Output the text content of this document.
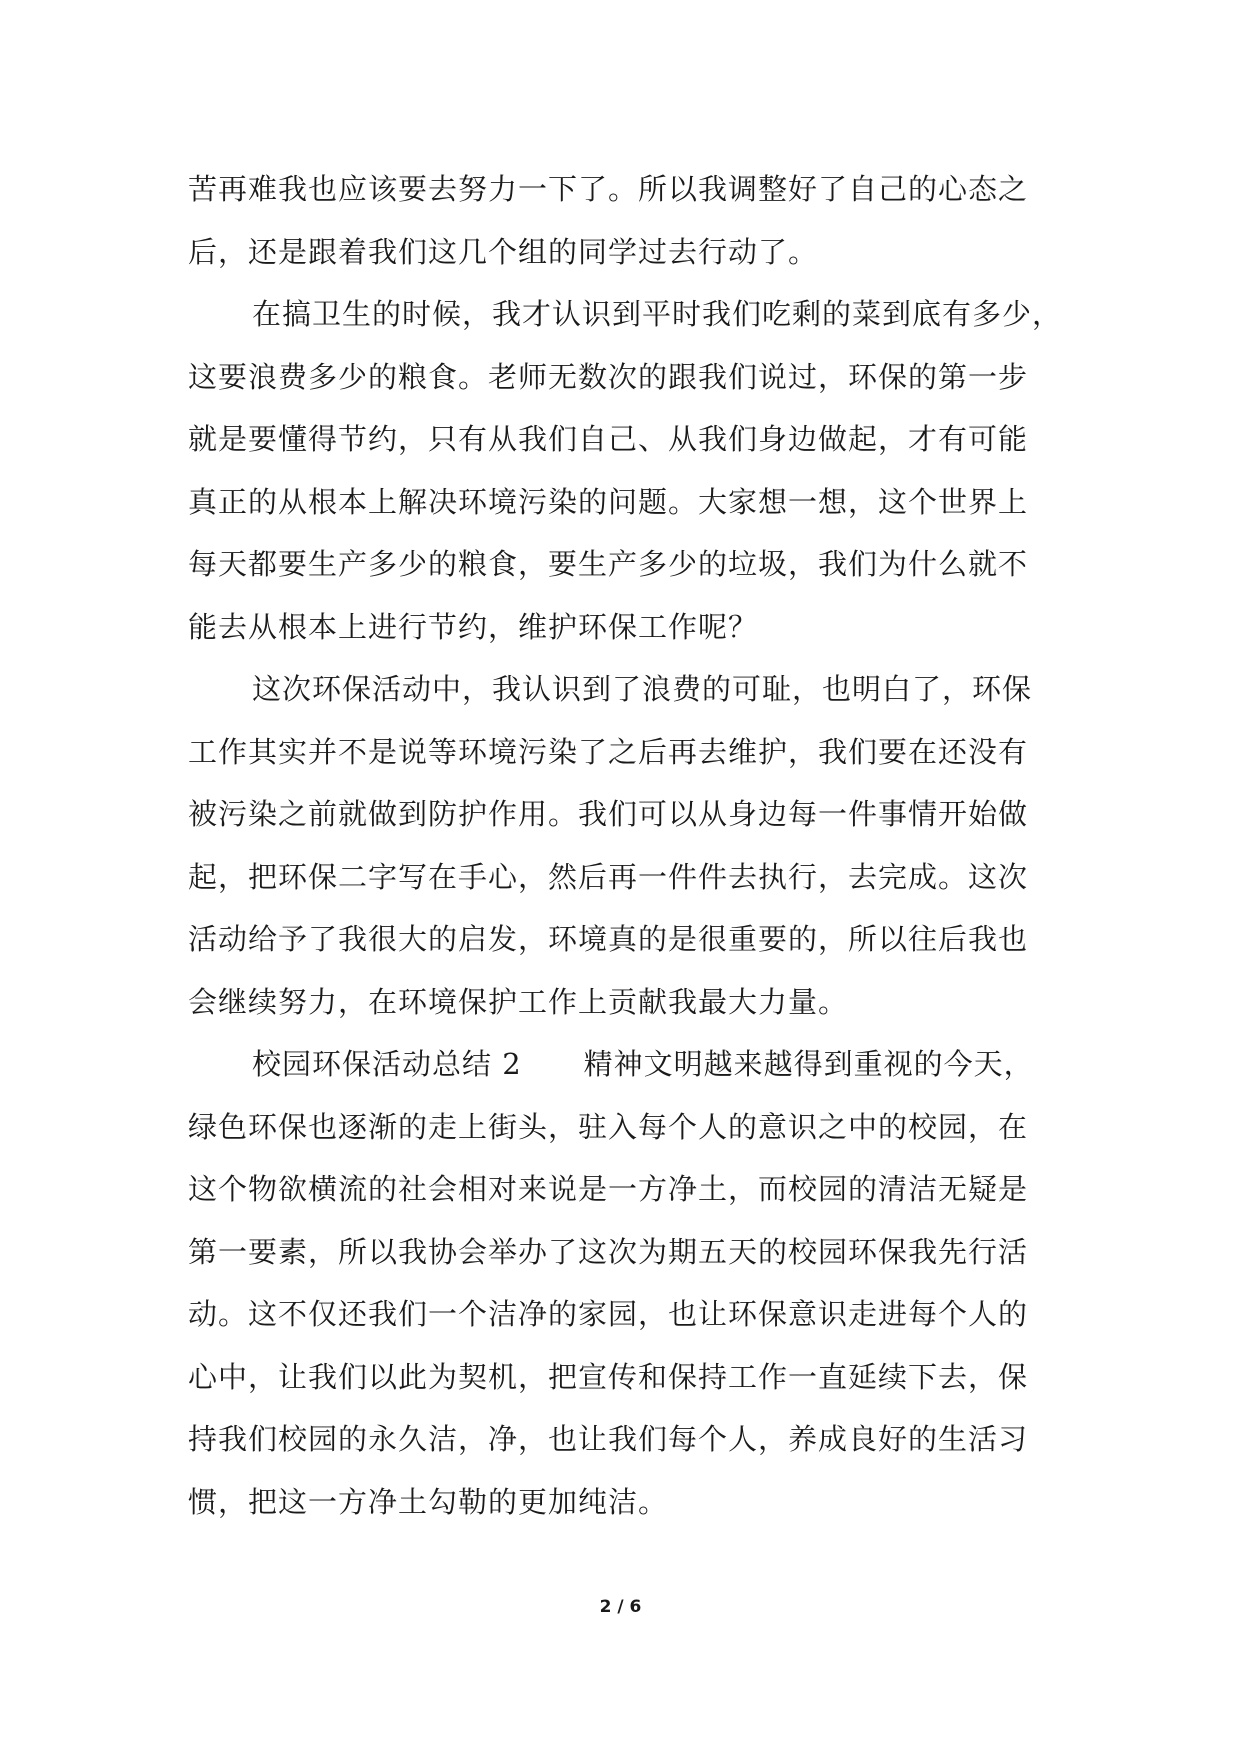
苦再难我也应该要去努力一下了。所以我调整好了自己的心态之
后，还是跟着我们这几个组的同学过去行动了。
在搞卫生的时候，我才认识到平时我们吃剩的菜到底有多少，
这要浪费多少的粮食。老师无数次的跟我们说过，环保的第一步
就是要懂得节约，只有从我们自己、从我们身边做起，才有可能
真正的从根本上解决环境污染的问题。大家想一想，这个世界上
每天都要生产多少的粮食，要生产多少的垃圾，我们为什么就不
能去从根本上进行节约，维护环保工作呢？
这次环保活动中，我认识到了浪费的可耻，也明白了，环保
工作其实并不是说等环境污染了之后再去维护，我们要在还没有
被污染之前就做到防护作用。我们可以从身边每一件事情开始做
起，把环保二字写在手心，然后再一件件去执行，去完成。这次
活动给予了我很大的启发，环境真的是很重要的，所以往后我也
会继续努力，在环境保护工作上贡献我最大力量。
校园环保活动总结 2 精神文明越来越得到重视的今天，
绿色环保也逐渐的走上街头，驻入每个人的意识之中的校园，在
这个物欲横流的社会相对来说是一方净土，而校园的清洁无疑是
第一要素，所以我协会举办了这次为期五天的校园环保我先行活
动。这不仅还我们一个洁净的家园，也让环保意识走进每个人的
心中，让我们以此为契机，把宣传和保持工作一直延续下去，保
持我们校园的永久洁，净，也让我们每个人，养成良好的生活习
惯，把这一方净土勾勒的更加纯洁。
2 / 6
